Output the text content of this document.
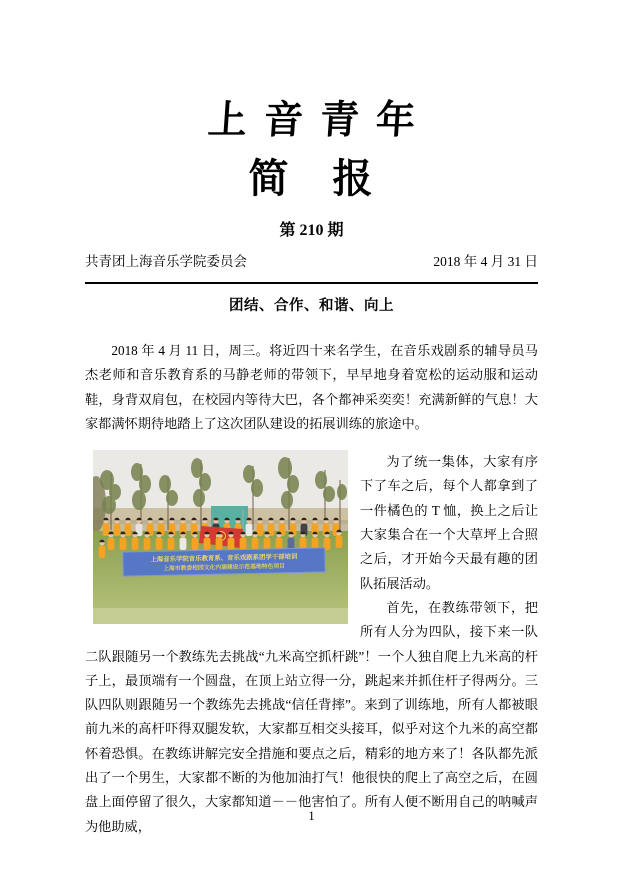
上音青年
简　报
第 210 期
共青团上海音乐学院委员会	2018 年 4 月 31 日
团结、合作、和谐、向上

2018 年 4 月 11 日，周三。将近四十来名学生，在音乐戏剧系的辅导员马杰老师和音乐教育系的马静老师的带领下，早早地身着宽松的运动服和运动鞋，身背双肩包，在校园内等待大巴，各个都神采奕奕！充满新鲜的气息！大家都满怀期待地踏上了这次团队建设的拓展训练的旅途中。

上海音乐学院音乐教育系、音乐戏剧系团学干部培训
上海市教委校园文化内涵建设示范基地特色项目

为了统一集体，大家有序下了车之后，每个人都拿到了一件橘色的 T 恤，换上之后让大家集合在一个大草坪上合照之后，才开始今天最有趣的团队拓展活动。

首先，在教练带领下，把所有人分为四队，接下来一队二队跟随另一个教练先去挑战“九米高空抓杆跳”！一个人独自爬上九米高的杆子上，最顶端有一个圆盘，在顶上站立得一分，跳起来并抓住杆子得两分。三队四队则跟随另一个教练先去挑战“信任背摔”。来到了训练地，所有人都被眼前九米的高杆吓得双腿发软，大家都互相交头接耳，似乎对这个九米的高空都怀着恐惧。在教练讲解完安全措施和要点之后，精彩的地方来了！各队都先派出了一个男生，大家都不断的为他加油打气！他很快的爬上了高空之后，在圆盘上面停留了很久，大家都知道－－他害怕了。所有人便不断用自己的呐喊声为他助威，

1
